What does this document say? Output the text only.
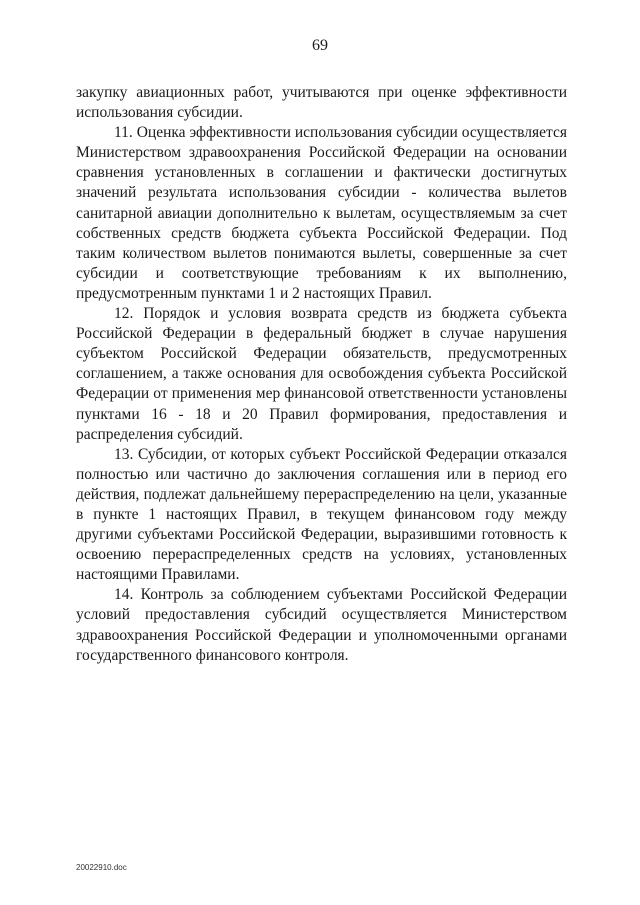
69

закупку авиационных работ, учитываются при оценке эффективности использования субсидии.

11. Оценка эффективности использования субсидии осуществляется Министерством здравоохранения Российской Федерации на основании сравнения установленных в соглашении и фактически достигнутых значений результата использования субсидии - количества вылетов санитарной авиации дополнительно к вылетам, осуществляемым за счет собственных средств бюджета субъекта Российской Федерации. Под таким количеством вылетов понимаются вылеты, совершенные за счет субсидии и соответствующие требованиям к их выполнению, предусмотренным пунктами 1 и 2 настоящих Правил.

12. Порядок и условия возврата средств из бюджета субъекта Российской Федерации в федеральный бюджет в случае нарушения субъектом Российской Федерации обязательств, предусмотренных соглашением, а также основания для освобождения субъекта Российской Федерации от применения мер финансовой ответственности установлены пунктами 16 - 18 и 20 Правил формирования, предоставления и распределения субсидий.

13. Субсидии, от которых субъект Российской Федерации отказался полностью или частично до заключения соглашения или в период его действия, подлежат дальнейшему перераспределению на цели, указанные в пункте 1 настоящих Правил, в текущем финансовом году между другими субъектами Российской Федерации, выразившими готовность к освоению перераспределенных средств на условиях, установленных настоящими Правилами.

14. Контроль за соблюдением субъектами Российской Федерации условий предоставления субсидий осуществляется Министерством здравоохранения Российской Федерации и уполномоченными органами государственного финансового контроля.

20022910.doc
